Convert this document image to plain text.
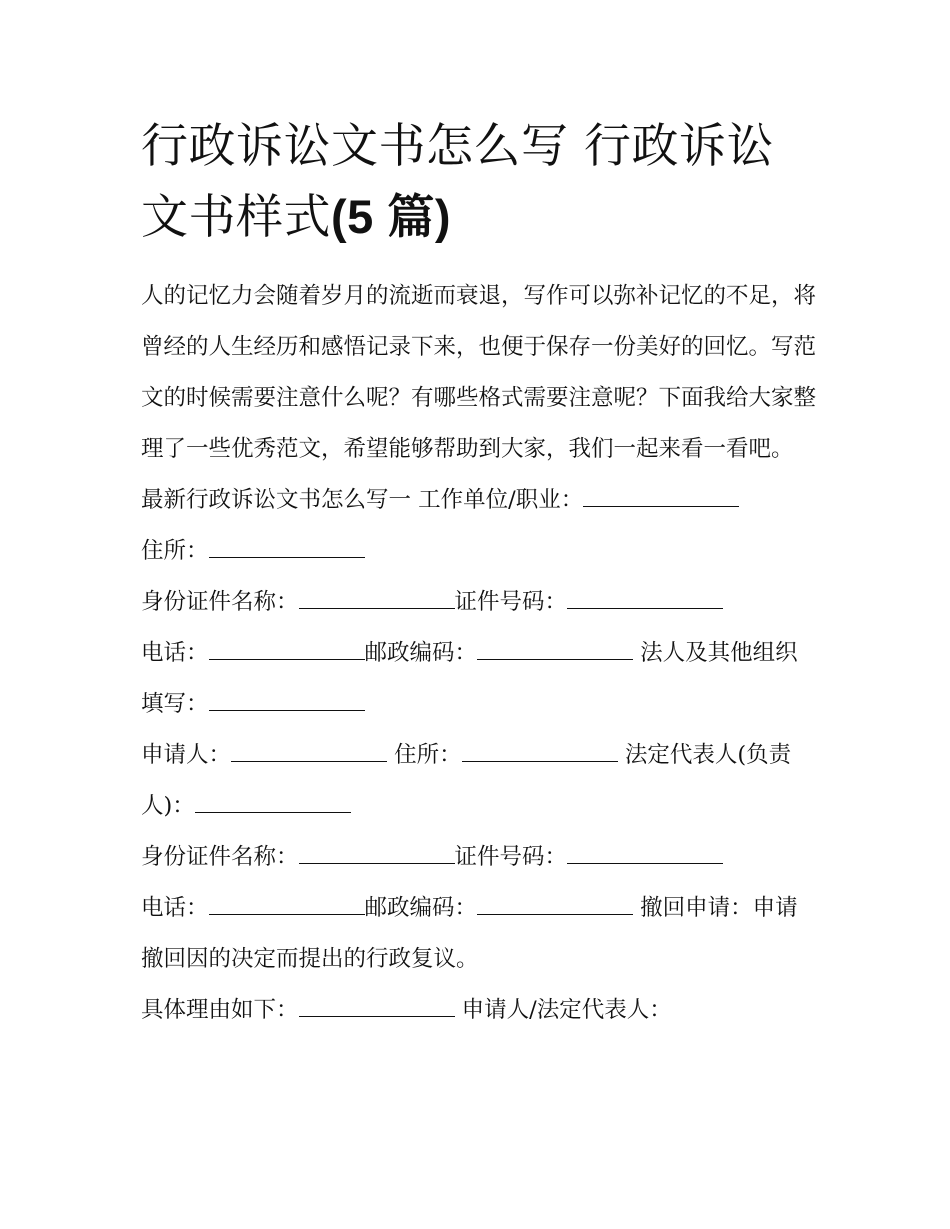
行政诉讼文书怎么写 行政诉讼文书样式(5 篇)

人的记忆力会随着岁月的流逝而衰退，写作可以弥补记忆的不足，将曾经的人生经历和感悟记录下来，也便于保存一份美好的回忆。写范文的时候需要注意什么呢？有哪些格式需要注意呢？下面我给大家整理了一些优秀范文，希望能够帮助到大家，我们一起来看一看吧。

最新行政诉讼文书怎么写一 工作单位/职业：
住所：

身份证件名称：	证件号码：

电话：	邮政编码：	法人及其他组织填写：

申请人：	住所：	法定代表人(负责人)：

身份证件名称：	证件号码：

电话：	邮政编码：	撤回申请：申请撤回因的决定而提出的行政复议。

具体理由如下：	申请人/法定代表人：
